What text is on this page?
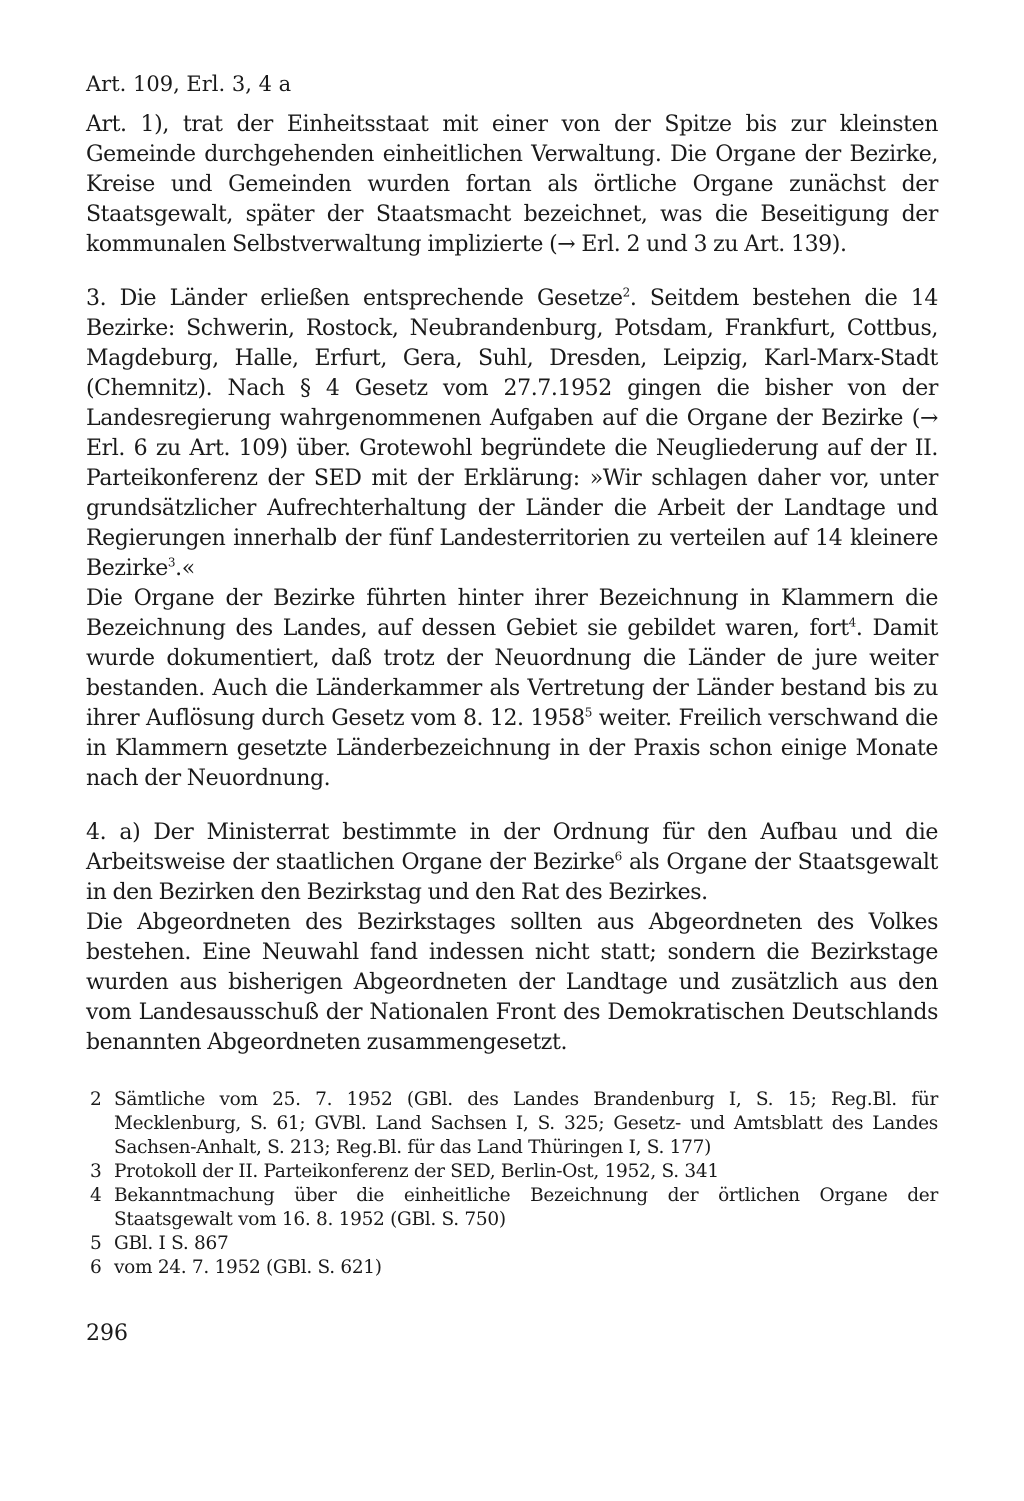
Art. 109, Erl. 3, 4 a

Art. 1), trat der Einheitsstaat mit einer von der Spitze bis zur kleinsten Gemeinde durchgehenden einheitlichen Verwaltung. Die Organe der Bezirke, Kreise und Gemeinden wurden fortan als örtliche Organe zunächst der Staatsgewalt, später der Staatsmacht bezeichnet, was die Beseitigung der kommunalen Selbstverwaltung implizierte (→ Erl. 2 und 3 zu Art. 139).

3. Die Länder erließen entsprechende Gesetze$^2$. Seitdem bestehen die 14 Bezirke: Schwerin, Rostock, Neubrandenburg, Potsdam, Frankfurt, Cottbus, Magdeburg, Halle, Erfurt, Gera, Suhl, Dresden, Leipzig, Karl-Marx-Stadt (Chemnitz). Nach § 4 Gesetz vom 27.7.1952 gingen die bisher von der Landesregierung wahrgenommenen Aufgaben auf die Organe der Bezirke (→ Erl. 6 zu Art. 109) über. Grotewohl begründete die Neugliederung auf der II. Parteikonferenz der SED mit der Erklärung: »Wir schlagen daher vor, unter grundsätzlicher Aufrechterhaltung der Länder die Arbeit der Landtage und Regierungen innerhalb der fünf Landesterritorien zu verteilen auf 14 kleinere Bezirke$^3$.«

Die Organe der Bezirke führten hinter ihrer Bezeichnung in Klammern die Bezeichnung des Landes, auf dessen Gebiet sie gebildet waren, fort$^4$. Damit wurde dokumentiert, daß trotz der Neuordnung die Länder de jure weiter bestanden. Auch die Länderkammer als Vertretung der Länder bestand bis zu ihrer Auflösung durch Gesetz vom 8. 12. 1958$^5$ weiter. Freilich verschwand die in Klammern gesetzte Länderbezeichnung in der Praxis schon einige Monate nach der Neuordnung.

4. a) Der Ministerrat bestimmte in der Ordnung für den Aufbau und die Arbeitsweise der staatlichen Organe der Bezirke$^6$ als Organe der Staatsgewalt in den Bezirken den Bezirkstag und den Rat des Bezirkes.

Die Abgeordneten des Bezirkstages sollten aus Abgeordneten des Volkes bestehen. Eine Neuwahl fand indessen nicht statt; sondern die Bezirkstage wurden aus bisherigen Abgeordneten der Landtage und zusätzlich aus den vom Landesausschuß der Nationalen Front des Demokratischen Deutschlands benannten Abgeordneten zusammengesetzt.

2 Sämtliche vom 25. 7. 1952 (GBl. des Landes Brandenburg I, S. 15; Reg.Bl. für Mecklenburg, S. 61; GVBl. Land Sachsen I, S. 325; Gesetz- und Amtsblatt des Landes Sachsen-Anhalt, S. 213; Reg.Bl. für das Land Thüringen I, S. 177)
3 Protokoll der II. Parteikonferenz der SED, Berlin-Ost, 1952, S. 341
4 Bekanntmachung über die einheitliche Bezeichnung der örtlichen Organe der Staatsgewalt vom 16. 8. 1952 (GBl. S. 750)
5 GBl. I S. 867
6 vom 24. 7. 1952 (GBl. S. 621)
296
